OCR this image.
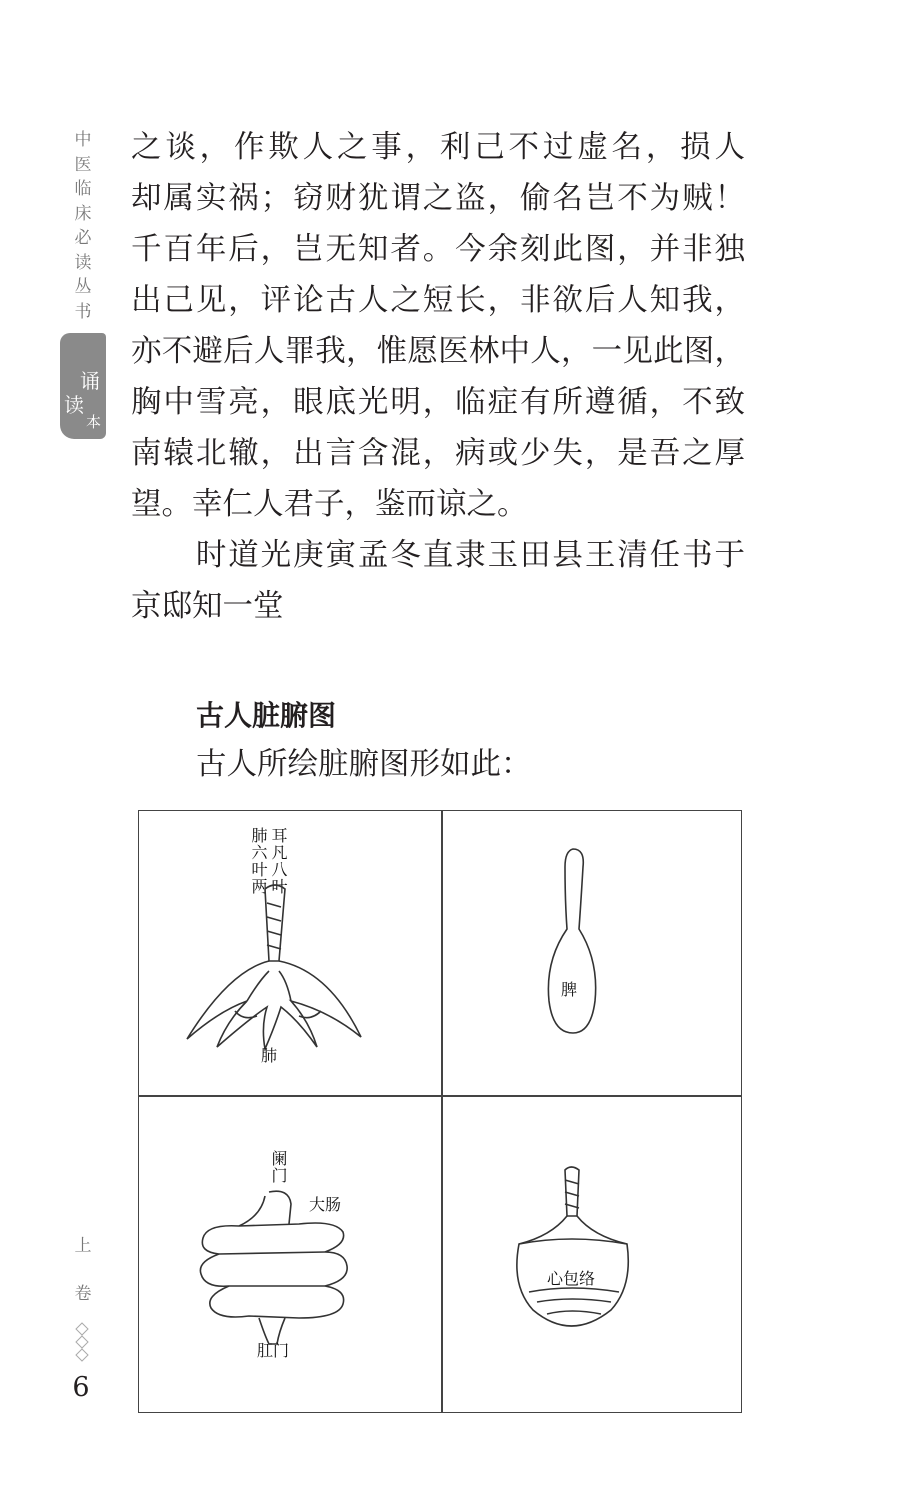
中
医
临
床
必
读
丛
书
诵
读
本
上
卷
6
之谈，作欺人之事，利己不过虚名，损人
却属实祸；窃财犹谓之盗，偷名岂不为贼！
千百年后，岂无知者。今余刻此图，并非独
出己见，评论古人之短长，非欲后人知我，
亦不避后人罪我，惟愿医林中人，一见此图，
胸中雪亮，眼底光明，临症有所遵循，不致
南辕北辙，出言含混，病或少失，是吾之厚
望。幸仁人君子，鉴而谅之。
　　时道光庚寅孟冬直隶玉田县王清任书于
京邸知一堂
古人脏腑图
古人所绘脏腑图形如此：
肺六叶两 耳凡八叶
肺
脾
阑门
大肠
肛门
心包络
